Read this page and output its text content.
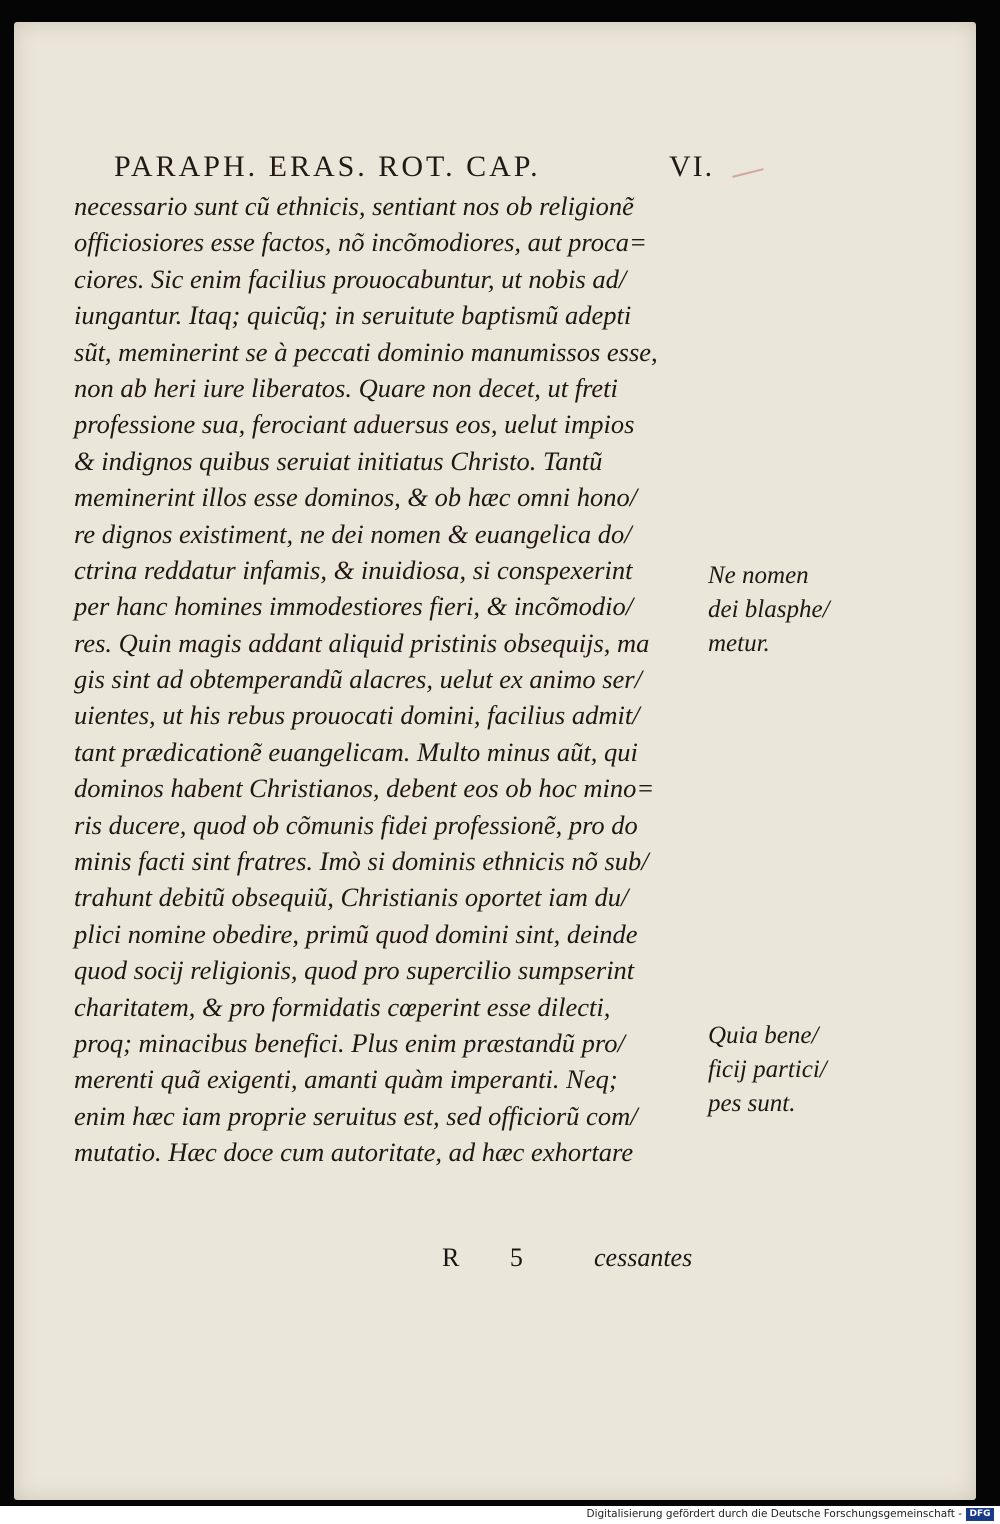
PARAPH. ERAS. ROT. CAP.	VI.
necessario sunt cũ ethnicis, sentiant nos ob religionẽ
officiosiores esse factos, nõ incõmodiores, aut proca=
ciores. Sic enim facilius prouocabuntur, ut nobis ad/
iungantur. Itaq; quicũq; in seruitute baptismũ adepti
sũt, meminerint se à peccati dominio manumissos esse,
non ab heri iure liberatos. Quare non decet, ut freti
professione sua, ferociant aduersus eos, uelut impios
& indignos quibus seruiat initiatus Christo. Tantũ
meminerint illos esse dominos, & ob hæc omni hono/
re dignos existiment, ne dei nomen & euangelica do/
ctrina reddatur infamis, & inuidiosa, si conspexerint
per hanc homines immodestiores fieri, & incõmodio/
res. Quin magis addant aliquid pristinis obsequijs, ma
gis sint ad obtemperandũ alacres, uelut ex animo ser/
uientes, ut his rebus prouocati domini, facilius admit/
tant prædicationẽ euangelicam. Multo minus aũt, qui
dominos habent Christianos, debent eos ob hoc mino=
ris ducere, quod ob cõmunis fidei professionẽ, pro do
minis facti sint fratres. Imò si dominis ethnicis nõ sub/
trahunt debitũ obsequiũ, Christianis oportet iam du/
plici nomine obedire, primũ quod domini sint, deinde
quod socij religionis, quod pro supercilio sumpserint
charitatem, & pro formidatis cœperint esse dilecti,
proq; minacibus benefici. Plus enim præstandũ pro/
merenti quã exigenti, amanti quàm imperanti. Neq;
enim hæc iam proprie seruitus est, sed officiorũ com/
mutatio. Hæc doce cum autoritate, ad hæc exhortare
Ne nomen
dei blasphe/
metur.
Quia bene/
ficij partici/
pes sunt.
R 5 cessantes
Digitalisierung gefördert durch die Deutsche Forschungsgemeinschaft - DFG
